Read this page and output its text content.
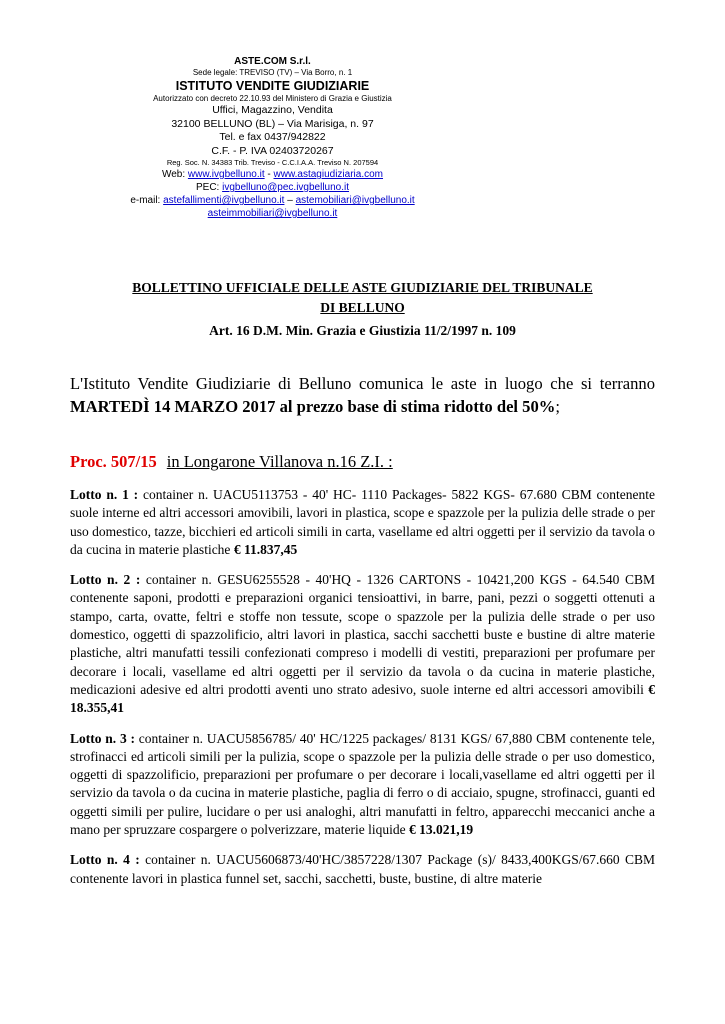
ASTE.COM S.r.l.
Sede legale: TREVISO (TV) – Via Borro, n. 1
ISTITUTO VENDITE GIUDIZIARIE
Autorizzato con decreto 22.10.93 del Ministero di Grazia e Giustizia
Uffici, Magazzino, Vendita
32100 BELLUNO (BL) – Via Marisiga, n. 97
Tel. e fax 0437/942822
C.F. - P. IVA 02403720267
Reg. Soc. N. 34383 Trib. Treviso - C.C.I.A.A. Treviso N. 207594
Web: www.ivgbelluno.it - www.astagiudiziaria.com
PEC: ivgbelluno@pec.ivgbelluno.it
e-mail: astefallimenti@ivgbelluno.it – astemobiliari@ivgbelluno.it
asteimmobiliari@ivgbelluno.it
BOLLETTINO UFFICIALE DELLE ASTE GIUDIZIARIE DEL TRIBUNALE
DI BELLUNO
Art. 16 D.M. Min. Grazia e Giustizia 11/2/1997 n. 109
L'Istituto Vendite Giudiziarie di Belluno comunica le aste in luogo che si terranno MARTEDÌ 14 MARZO 2017 al prezzo base di stima ridotto del 50%;
Proc. 507/15 in Longarone Villanova n.16 Z.I. :

Lotto n. 1 : container n. UACU5113753 - 40' HC- 1110 Packages- 5822 KGS- 67.680 CBM contenente suole interne ed altri accessori amovibili, lavori in plastica, scope e spazzole per la pulizia delle strade o per uso domestico, tazze, bicchieri ed articoli simili in carta, vasellame ed altri oggetti per il servizio da tavola o da cucina in materie plastiche € 11.837,45

Lotto n. 2 : container n. GESU6255528 - 40'HQ - 1326 CARTONS - 10421,200 KGS - 64.540 CBM contenente saponi, prodotti e preparazioni organici tensioattivi, in barre, pani, pezzi o soggetti ottenuti a stampo, carta, ovatte, feltri e stoffe non tessute, scope o spazzole per la pulizia delle strade o per uso domestico, oggetti di spazzolificio, altri lavori in plastica, sacchi sacchetti buste e bustine di altre materie plastiche, altri manufatti tessili confezionati compreso i modelli di vestiti, preparazioni per profumare per decorare i locali, vasellame ed altri oggetti per il servizio da tavola o da cucina in materie plastiche, medicazioni adesive ed altri prodotti aventi uno strato adesivo, suole interne ed altri accessori amovibili € 18.355,41

Lotto n. 3 : container n. UACU5856785/ 40' HC/1225 packages/ 8131 KGS/ 67,880 CBM contenente tele, strofinacci ed articoli simili per la pulizia, scope o spazzole per la pulizia delle strade o per uso domestico, oggetti di spazzolificio, preparazioni per profumare o per decorare i locali,vasellame ed altri oggetti per il servizio da tavola o da cucina in materie plastiche, paglia di ferro o di acciaio, spugne, strofinacci, guanti ed oggetti simili per pulire, lucidare o per usi analoghi, altri manufatti in feltro, apparecchi meccanici anche a mano per spruzzare cospargere o polverizzare, materie liquide € 13.021,19

Lotto n. 4 : container n. UACU5606873/40'HC/3857228/1307 Package (s)/ 8433,400KGS/67.660 CBM contenente lavori in plastica funnel set, sacchi, sacchetti, buste, bustine, di altre materie
